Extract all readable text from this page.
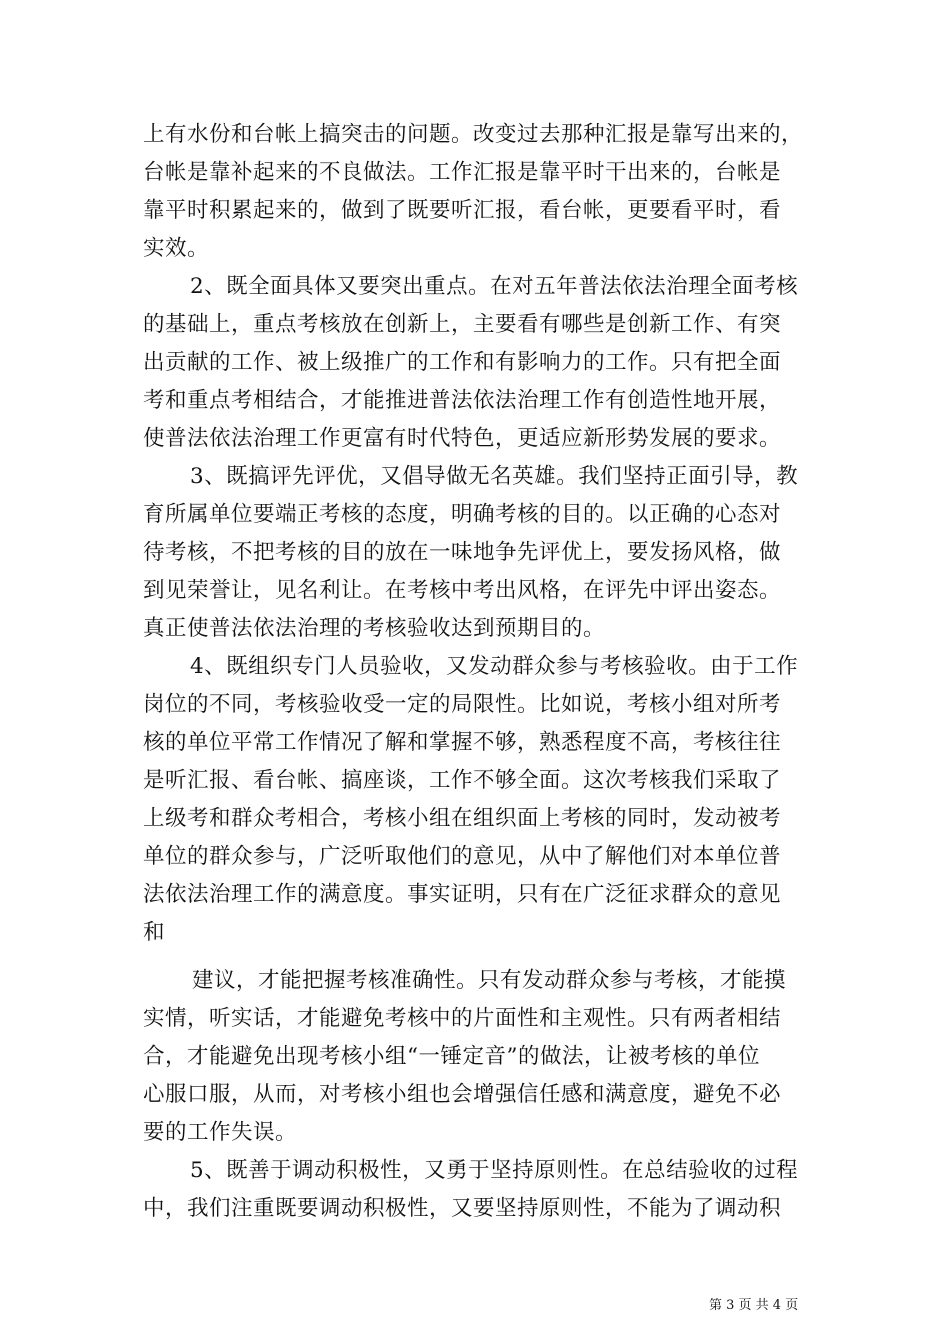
上有水份和台帐上搞突击的问题。改变过去那种汇报是靠写出来的，
台帐是靠补起来的不良做法。工作汇报是靠平时干出来的，台帐是
靠平时积累起来的，做到了既要听汇报，看台帐，更要看平时，看
实效。
2、既全面具体又要突出重点。在对五年普法依法治理全面考核
的基础上，重点考核放在创新上，主要看有哪些是创新工作、有突
出贡献的工作、被上级推广的工作和有影响力的工作。只有把全面
考和重点考相结合，才能推进普法依法治理工作有创造性地开展，
使普法依法治理工作更富有时代特色，更适应新形势发展的要求。
3、既搞评先评优，又倡导做无名英雄。我们坚持正面引导，教
育所属单位要端正考核的态度，明确考核的目的。以正确的心态对
待考核，不把考核的目的放在一味地争先评优上，要发扬风格，做
到见荣誉让，见名利让。在考核中考出风格，在评先中评出姿态。
真正使普法依法治理的考核验收达到预期目的。
4、既组织专门人员验收，又发动群众参与考核验收。由于工作
岗位的不同，考核验收受一定的局限性。比如说，考核小组对所考
核的单位平常工作情况了解和掌握不够，熟悉程度不高，考核往往
是听汇报、看台帐、搞座谈，工作不够全面。这次考核我们采取了
上级考和群众考相合，考核小组在组织面上考核的同时，发动被考
单位的群众参与，广泛听取他们的意见，从中了解他们对本单位普
法依法治理工作的满意度。事实证明，只有在广泛征求群众的意见
和
建议，才能把握考核准确性。只有发动群众参与考核，才能摸
实情，听实话，才能避免考核中的片面性和主观性。只有两者相结
合，才能避免出现考核小组“一锤定音”的做法，让被考核的单位
心服口服，从而，对考核小组也会增强信任感和满意度，避免不必
要的工作失误。
5、既善于调动积极性，又勇于坚持原则性。在总结验收的过程
中，我们注重既要调动积极性，又要坚持原则性，不能为了调动积
第 3 页 共 4 页
